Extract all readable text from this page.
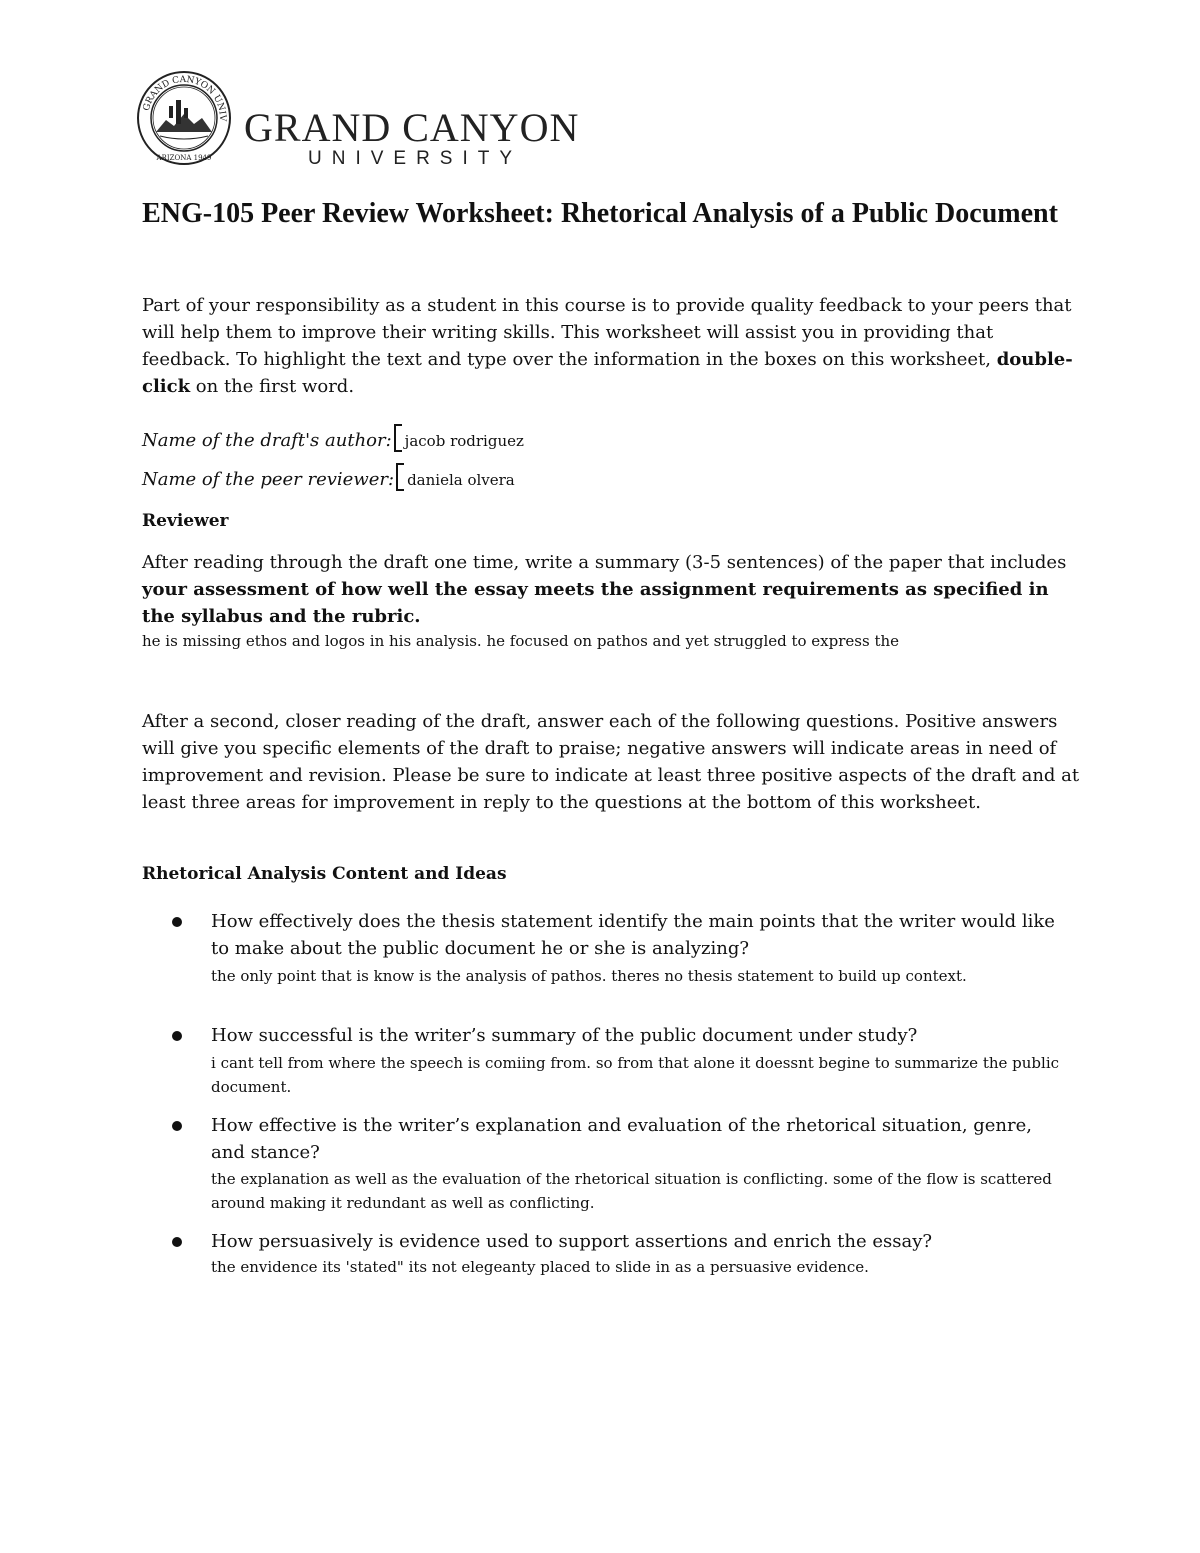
GRAND CANYON UNIV
ARIZONA 1949
GRAND CANYON
UNIVERSITY
ENG-105 Peer Review Worksheet: Rhetorical Analysis of a Public Document
Part of your responsibility as a student in this course is to provide quality feedback to your peers that will help them to improve their writing skills. This worksheet will assist you in providing that feedback. To highlight the text and type over the information in the boxes on this worksheet, double-click on the first word.
Name of the draft's author: jacob rodriguez
Name of the peer reviewer: daniela olvera
Reviewer
After reading through the draft one time, write a summary (3-5 sentences) of the paper that includes your assessment of how well the essay meets the assignment requirements as specified in the syllabus and the rubric.
he is missing ethos and logos in his analysis. he focused on pathos and yet struggled to express the
After a second, closer reading of the draft, answer each of the following questions. Positive answers will give you specific elements of the draft to praise; negative answers will indicate areas in need of improvement and revision. Please be sure to indicate at least three positive aspects of the draft and at least three areas for improvement in reply to the questions at the bottom of this worksheet.
Rhetorical Analysis Content and Ideas
How effectively does the thesis statement identify the main points that the writer would like to make about the public document he or she is analyzing?
the only point that is know is the analysis of pathos. theres no thesis statement to build up context.
How successful is the writer’s summary of the public document under study?
i cant tell from where the speech is comiing from. so from that alone it doessnt begine to summarize the public document.
How effective is the writer’s explanation and evaluation of the rhetorical situation, genre, and stance?
the explanation as well as the evaluation of the rhetorical situation is conflicting. some of the flow is scattered around making it redundant as well as conflicting.
How persuasively is evidence used to support assertions and enrich the essay?
the envidence its 'stated" its not elegeanty placed to slide in as a persuasive evidence.
